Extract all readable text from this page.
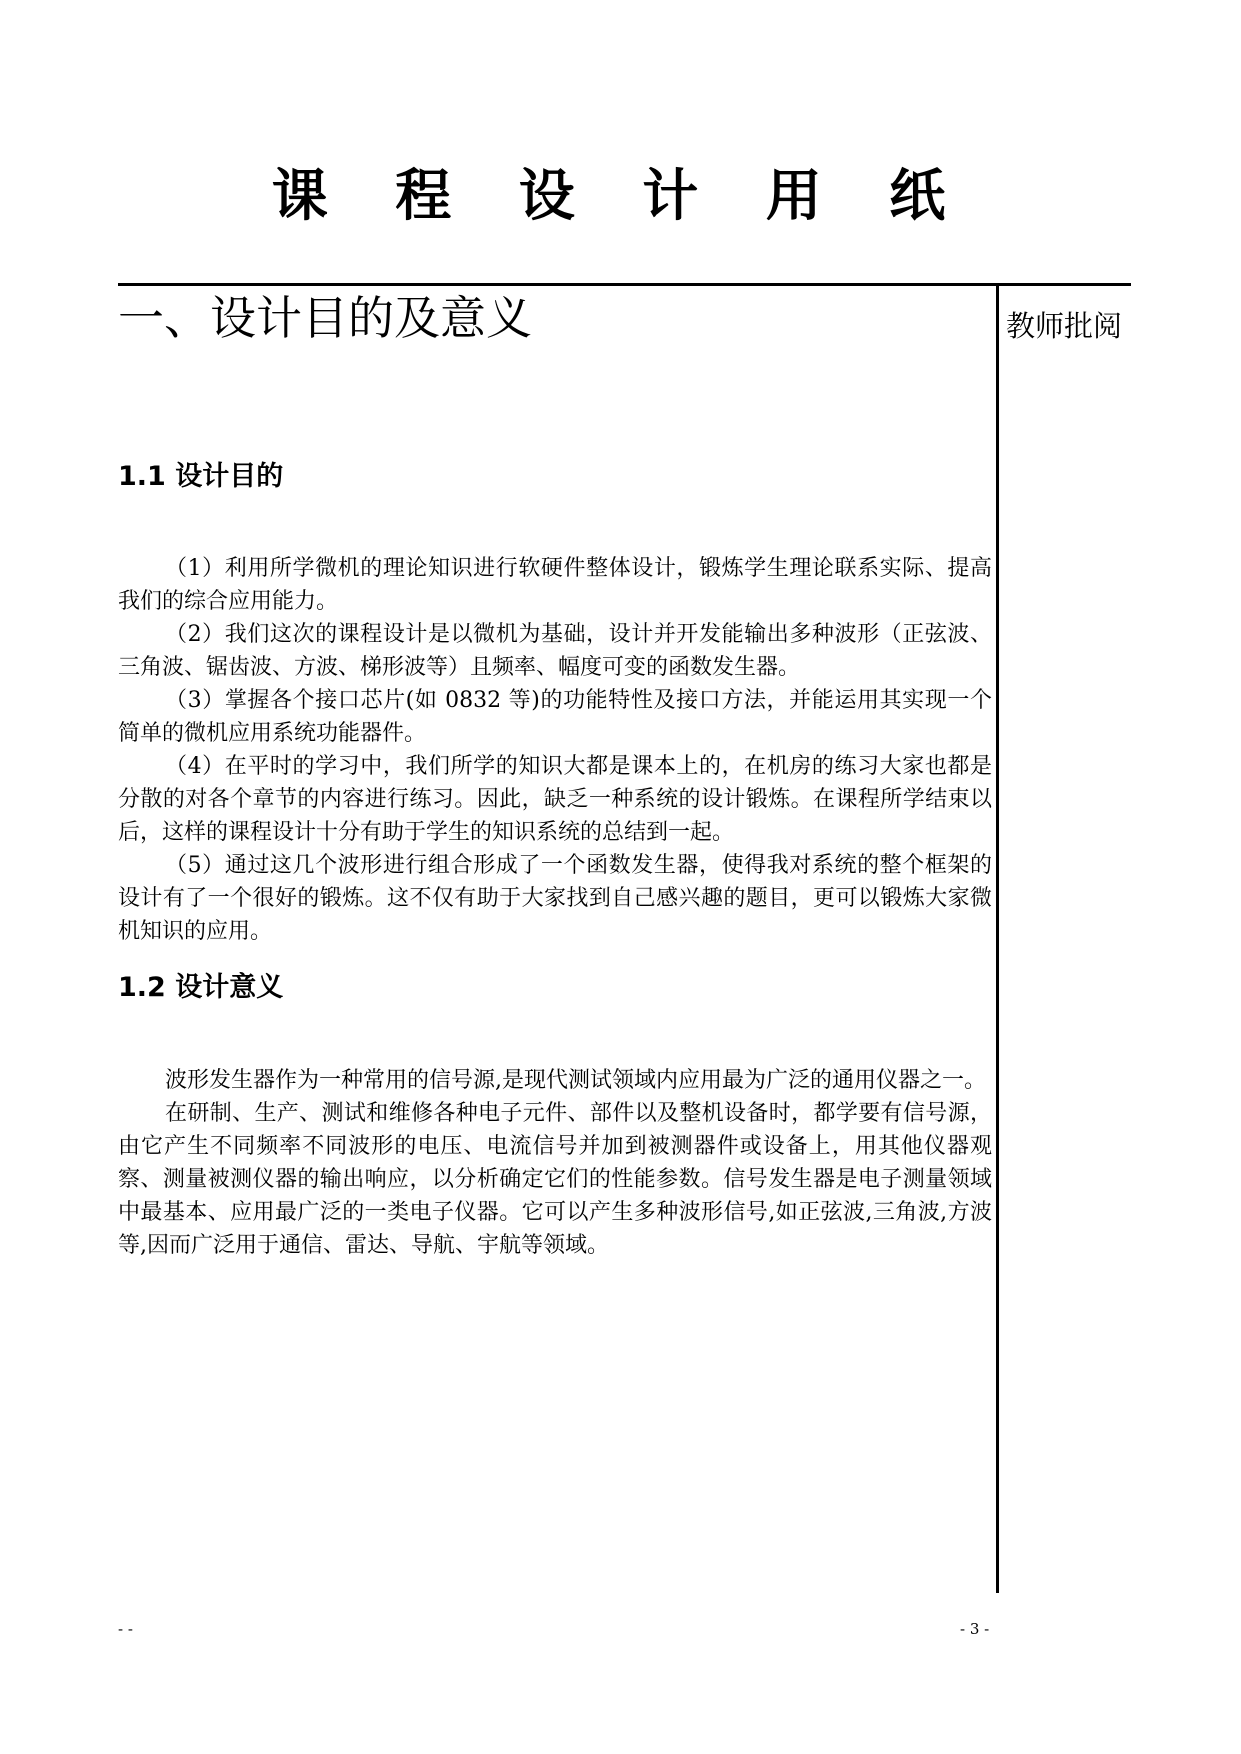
课 程 设 计 用 纸

教师批阅

一、设计目的及意义
1.1 设计目的

（1）利用所学微机的理论知识进行软硬件整体设计，锻炼学生理论联系实际、提高我们的综合应用能力。

（2）我们这次的课程设计是以微机为基础，设计并开发能输出多种波形（正弦波、三角波、锯齿波、方波、梯形波等）且频率、幅度可变的函数发生器。

（3）掌握各个接口芯片(如 0832 等)的功能特性及接口方法，并能运用其实现一个简单的微机应用系统功能器件。

（4）在平时的学习中，我们所学的知识大都是课本上的，在机房的练习大家也都是分散的对各个章节的内容进行练习。因此，缺乏一种系统的设计锻炼。在课程所学结束以后，这样的课程设计十分有助于学生的知识系统的总结到一起。

（5）通过这几个波形进行组合形成了一个函数发生器，使得我对系统的整个框架的设计有了一个很好的锻炼。这不仅有助于大家找到自己感兴趣的题目，更可以锻炼大家微机知识的应用。

1.2 设计意义

波形发生器作为一种常用的信号源,是现代测试领域内应用最为广泛的通用仪器之一。

在研制、生产、测试和维修各种电子元件、部件以及整机设备时，都学要有信号源，由它产生不同频率不同波形的电压、电流信号并加到被测器件或设备上，用其他仪器观察、测量被测仪器的输出响应，以分析确定它们的性能参数。信号发生器是电子测量领域中最基本、应用最广泛的一类电子仪器。它可以产生多种波形信号,如正弦波,三角波,方波等,因而广泛用于通信、雷达、导航、宇航等领域。

- -	- 3 -
